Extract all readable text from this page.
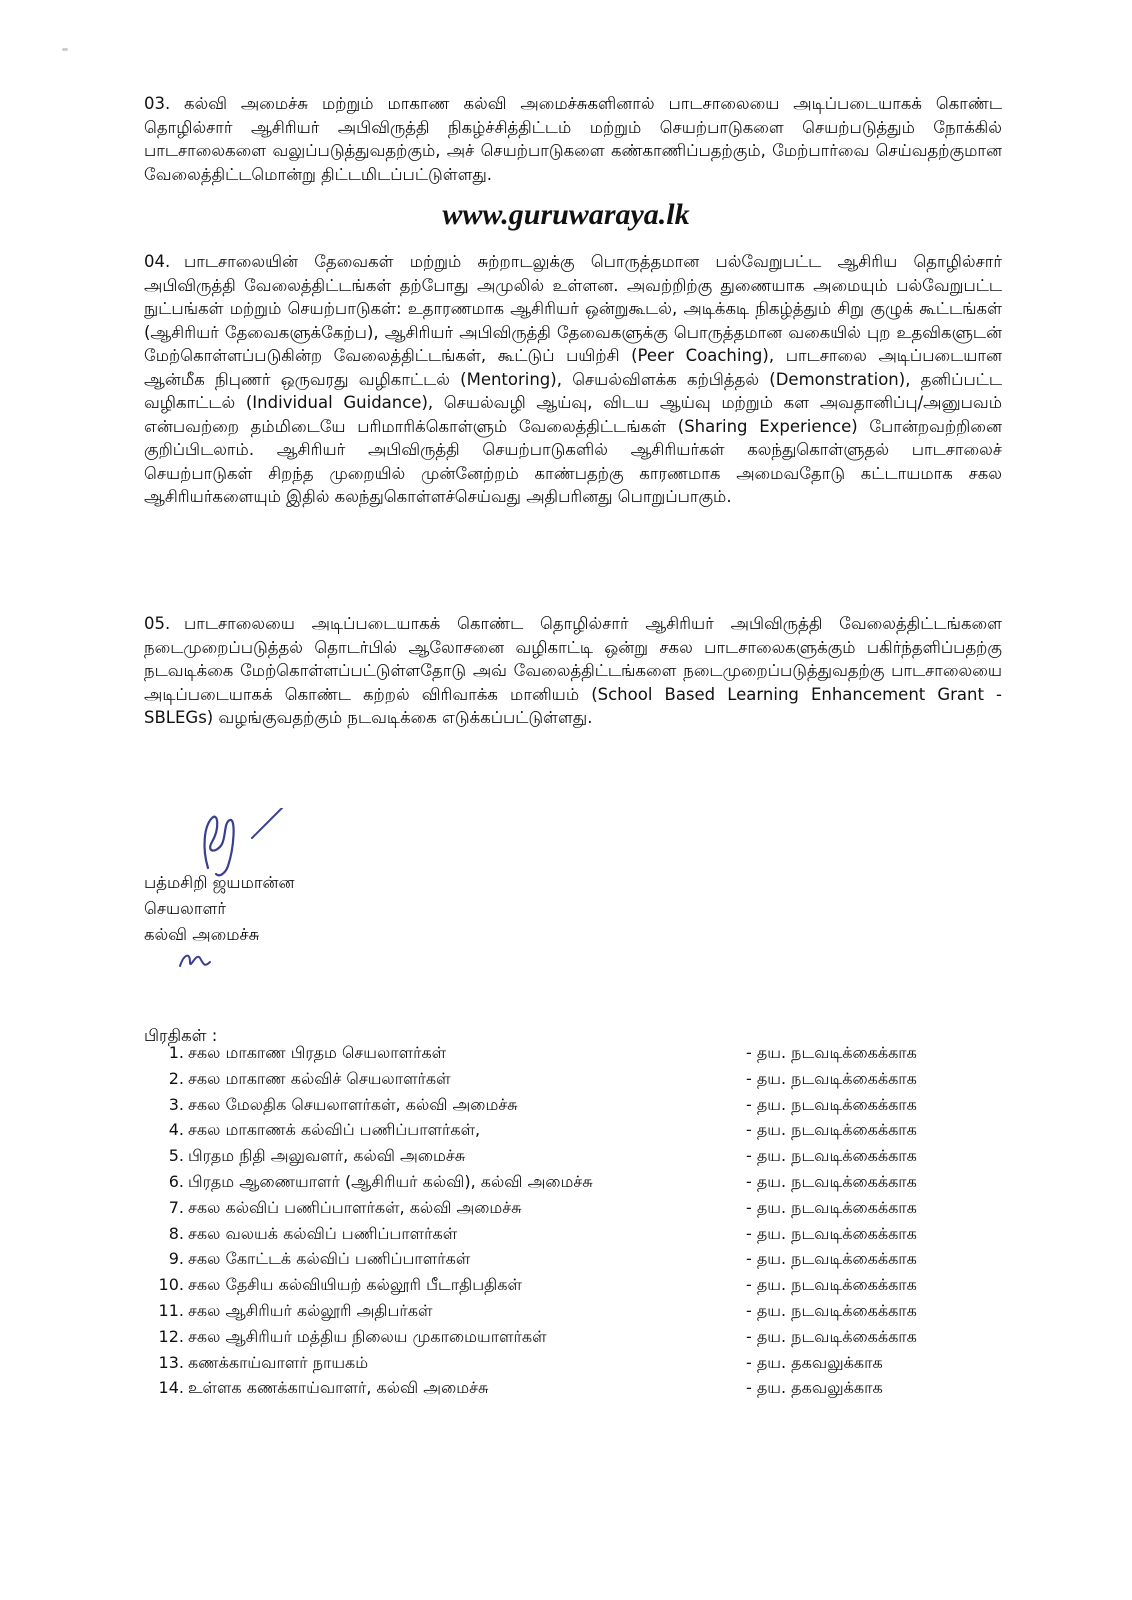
03. கல்வி அமைச்சு மற்றும் மாகாண கல்வி அமைச்சுகளினால் பாடசாலையை அடிப்படையாகக் கொண்ட தொழில்சார் ஆசிரியர் அபிவிருத்தி நிகழ்ச்சித்திட்டம் மற்றும் செயற்பாடுகளை செயற்படுத்தும் நோக்கில் பாடசாலைகளை வலுப்படுத்துவதற்கும், அச் செயற்பாடுகளை கண்காணிப்பதற்கும், மேற்பார்வை செய்வதற்குமான வேலைத்திட்டமொன்று திட்டமிடப்பட்டுள்ளது.

www.guruwaraya.lk

04. பாடசாலையின் தேவைகள் மற்றும் சுற்றாடலுக்கு பொருத்தமான பல்வேறுபட்ட ஆசிரிய தொழில்சார் அபிவிருத்தி வேலைத்திட்டங்கள் தற்போது அமுலில் உள்ளன. அவற்றிற்கு துணையாக அமையும் பல்வேறுபட்ட நுட்பங்கள் மற்றும் செயற்பாடுகள்: உதாரணமாக ஆசிரியர் ஒன்றுகூடல், அடிக்கடி நிகழ்த்தும் சிறு குழுக் கூட்டங்கள் (ஆசிரியர் தேவைகளுக்கேற்ப), ஆசிரியர் அபிவிருத்தி தேவைகளுக்கு பொருத்தமான வகையில் புற உதவிகளுடன் மேற்கொள்ளப்படுகின்ற வேலைத்திட்டங்கள், கூட்டுப் பயிற்சி (Peer Coaching), பாடசாலை அடிப்படையான ஆன்மீக நிபுணர் ஒருவரது வழிகாட்டல் (Mentoring), செயல்விளக்க கற்பித்தல் (Demonstration), தனிப்பட்ட வழிகாட்டல் (Individual Guidance), செயல்வழி ஆய்வு, விடய ஆய்வு மற்றும் கள அவதானிப்பு/அனுபவம் என்பவற்றை தம்மிடையே பரிமாரிக்கொள்ளும் வேலைத்திட்டங்கள் (Sharing Experience) போன்றவற்றினை குறிப்பிடலாம். ஆசிரியர் அபிவிருத்தி செயற்பாடுகளில் ஆசிரியர்கள் கலந்துகொள்ளுதல் பாடசாலைச் செயற்பாடுகள் சிறந்த முறையில் முன்னேற்றம் காண்பதற்கு காரணமாக அமைவதோடு கட்டாயமாக சகல ஆசிரியர்களையும் இதில் கலந்துகொள்ளச்செய்வது அதிபரினது பொறுப்பாகும்.

05. பாடசாலையை அடிப்படையாகக் கொண்ட தொழில்சார் ஆசிரியர் அபிவிருத்தி வேலைத்திட்டங்களை நடைமுறைப்படுத்தல் தொடர்பில் ஆலோசனை வழிகாட்டி ஒன்று சகல பாடசாலைகளுக்கும் பகிர்ந்தளிப்பதற்கு நடவடிக்கை மேற்கொள்ளப்பட்டுள்ளதோடு அவ் வேலைத்திட்டங்களை நடைமுறைப்படுத்துவதற்கு பாடசாலையை அடிப்படையாகக் கொண்ட கற்றல் விரிவாக்க மானியம் (School Based Learning Enhancement Grant - SBLEGs) வழங்குவதற்கும் நடவடிக்கை எடுக்கப்பட்டுள்ளது.

பத்மசிறி ஜயமான்ன
செயலாளர்
கல்வி அமைச்சு
பிரதிகள் :
1. சகல மாகாண பிரதம செயலாளர்கள்	- தய. நடவடிக்கைக்காக
2. சகல மாகாண கல்விச் செயலாளர்கள்	- தய. நடவடிக்கைக்காக
3. சகல மேலதிக செயலாளர்கள், கல்வி அமைச்சு	- தய. நடவடிக்கைக்காக
4. சகல மாகாணக் கல்விப் பணிப்பாளர்கள்,	- தய. நடவடிக்கைக்காக
5. பிரதம நிதி அலுவளர், கல்வி அமைச்சு	- தய. நடவடிக்கைக்காக
6. பிரதம ஆணையாளர் (ஆசிரியர் கல்வி), கல்வி அமைச்சு	- தய. நடவடிக்கைக்காக
7. சகல கல்விப் பணிப்பாளர்கள், கல்வி அமைச்சு	- தய. நடவடிக்கைக்காக
8. சகல வலயக் கல்விப் பணிப்பாளர்கள்	- தய. நடவடிக்கைக்காக
9. சகல கோட்டக் கல்விப் பணிப்பாளர்கள்	- தய. நடவடிக்கைக்காக
10. சகல தேசிய கல்வியியற் கல்லூரி பீடாதிபதிகள்	- தய. நடவடிக்கைக்காக
11. சகல ஆசிரியர் கல்லூரி அதிபர்கள்	- தய. நடவடிக்கைக்காக
12. சகல ஆசிரியர் மத்திய நிலைய முகாமையாளர்கள்	- தய. நடவடிக்கைக்காக
13. கணக்காய்வாளர் நாயகம்	- தய. தகவலுக்காக
14. உள்ளக கணக்காய்வாளர், கல்வி அமைச்சு	- தய. தகவலுக்காக
